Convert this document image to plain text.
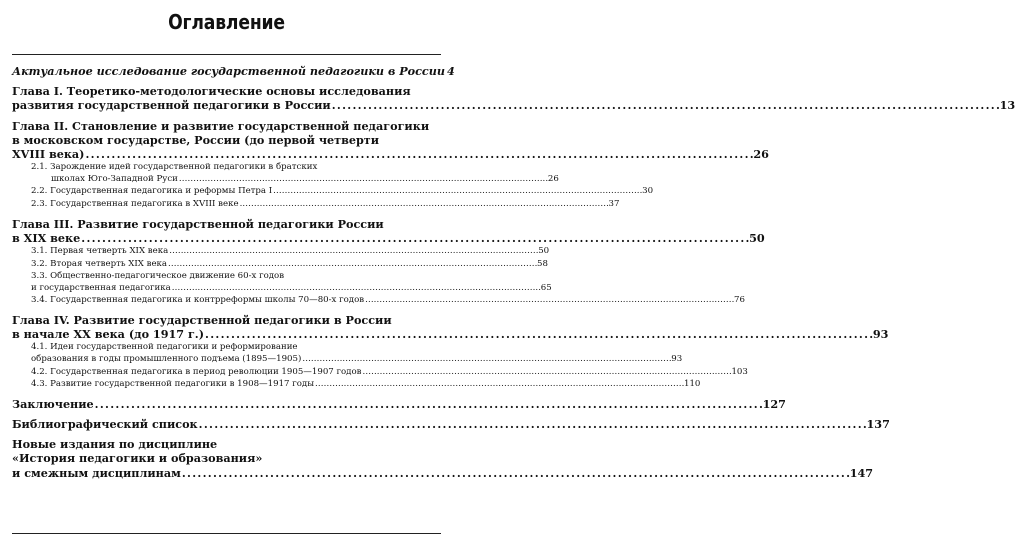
Оглавление
Актуальное исследование государственной педагогики в России 4
Глава I. Теоретико-методологические основы исследования
развития государственной педагогики в России . . .	13
Глава II. Становление и развитие государственной педагогики
в московском государстве, России (до первой четверти
XVIII века) . . .	26
2.1. Зарождение идей государственной педагогики в братских
школах Юго-Западной Руси . . .	26
2.2. Государственная педагогика и реформы Петра I . . .	30
2.3. Государственная педагогика в XVIII веке . . .	37
Глава III. Развитие государственной педагогики России
в XIX веке . . .	50
3.1. Первая четверть XIX века . . .	50
3.2. Вторая четверть XIX века . . .	58
3.3. Общественно-педагогическое движение 60-х годов
и государственная педагогика . . .	65
3.4. Государственная педагогика и контрреформы школы 70—80-х годов . . .	76
Глава IV. Развитие государственной педагогики в России
в начале XX века (до 1917 г.) . . .	93
4.1. Идеи государственной педагогики и реформирование
образования в годы промышленного подъема (1895—1905) . . .	93
4.2. Государственная педагогика в период революции 1905—1907 годов . . .	103
4.3. Развитие государственной педагогики в 1908—1917 годы . . .	110
Заключение . . .	127
Библиографический список . . .	137
Новые издания по дисциплине
«История педагогики и образования»
и смежным дисциплинам . . .	147
